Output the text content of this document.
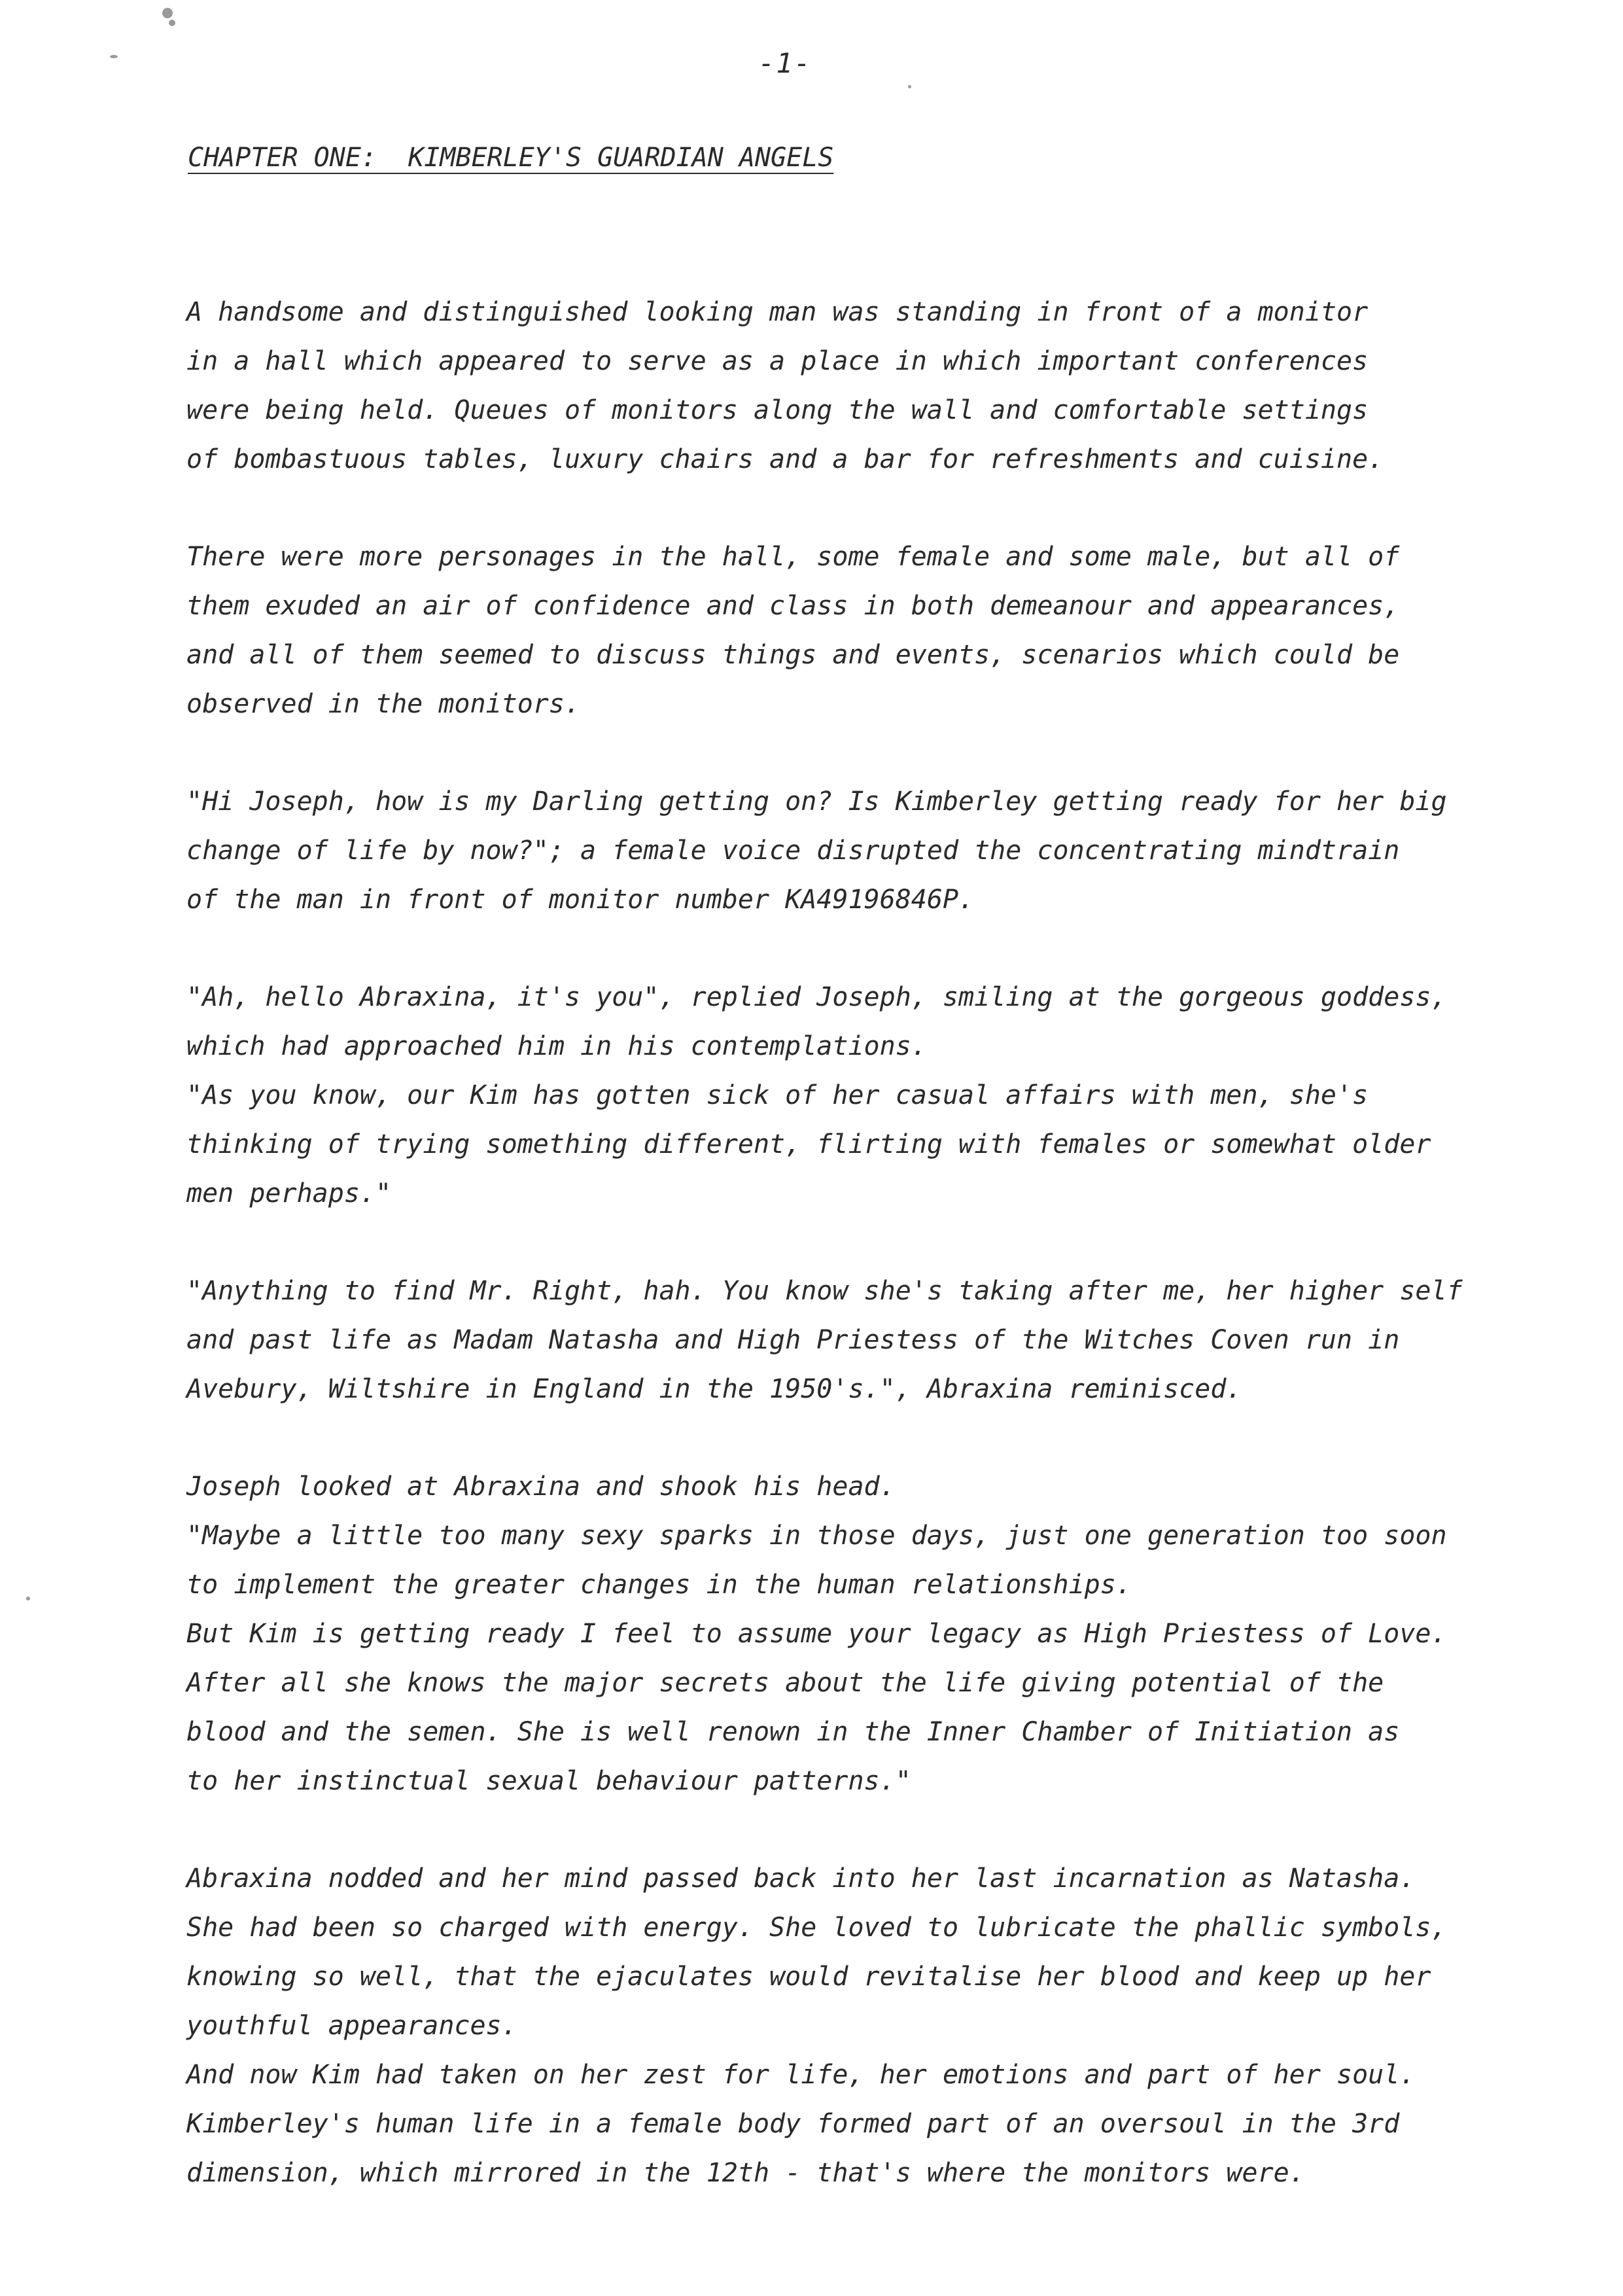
-1-
CHAPTER ONE:  KIMBERLEY'S GUARDIAN ANGELS
A handsome and distinguished looking man was standing in front of a monitor
in a hall which appeared to serve as a place in which important conferences
were being held. Queues of monitors along the wall and comfortable settings
of bombastuous tables, luxury chairs and a bar for refreshments and cuisine.
There were more personages in the hall, some female and some male, but all of
them exuded an air of confidence and class in both demeanour and appearances,
and all of them seemed to discuss things and events, scenarios which could be
observed in the monitors.
"Hi Joseph, how is my Darling getting on? Is Kimberley getting ready for her big
change of life by now?"; a female voice disrupted the concentrating mindtrain
of the man in front of monitor number KA49196846P.
"Ah, hello Abraxina, it's you", replied Joseph, smiling at the gorgeous goddess,
which had approached him in his contemplations.
"As you know, our Kim has gotten sick of her casual affairs with men, she's
thinking of trying something different, flirting with females or somewhat older
men perhaps."
"Anything to find Mr. Right, hah. You know she's taking after me, her higher self
and past life as Madam Natasha and High Priestess of the Witches Coven run in
Avebury, Wiltshire in England in the 1950's.", Abraxina reminisced.
Joseph looked at Abraxina and shook his head.
"Maybe a little too many sexy sparks in those days, just one generation too soon
to implement the greater changes in the human relationships.
But Kim is getting ready I feel to assume your legacy as High Priestess of Love.
After all she knows the major secrets about the life giving potential of the
blood and the semen. She is well renown in the Inner Chamber of Initiation as
to her instinctual sexual behaviour patterns."
Abraxina nodded and her mind passed back into her last incarnation as Natasha.
She had been so charged with energy. She loved to lubricate the phallic symbols,
knowing so well, that the ejaculates would revitalise her blood and keep up her
youthful appearances.
And now Kim had taken on her zest for life, her emotions and part of her soul.
Kimberley's human life in a female body formed part of an oversoul in the 3rd
dimension, which mirrored in the 12th - that's where the monitors were.
